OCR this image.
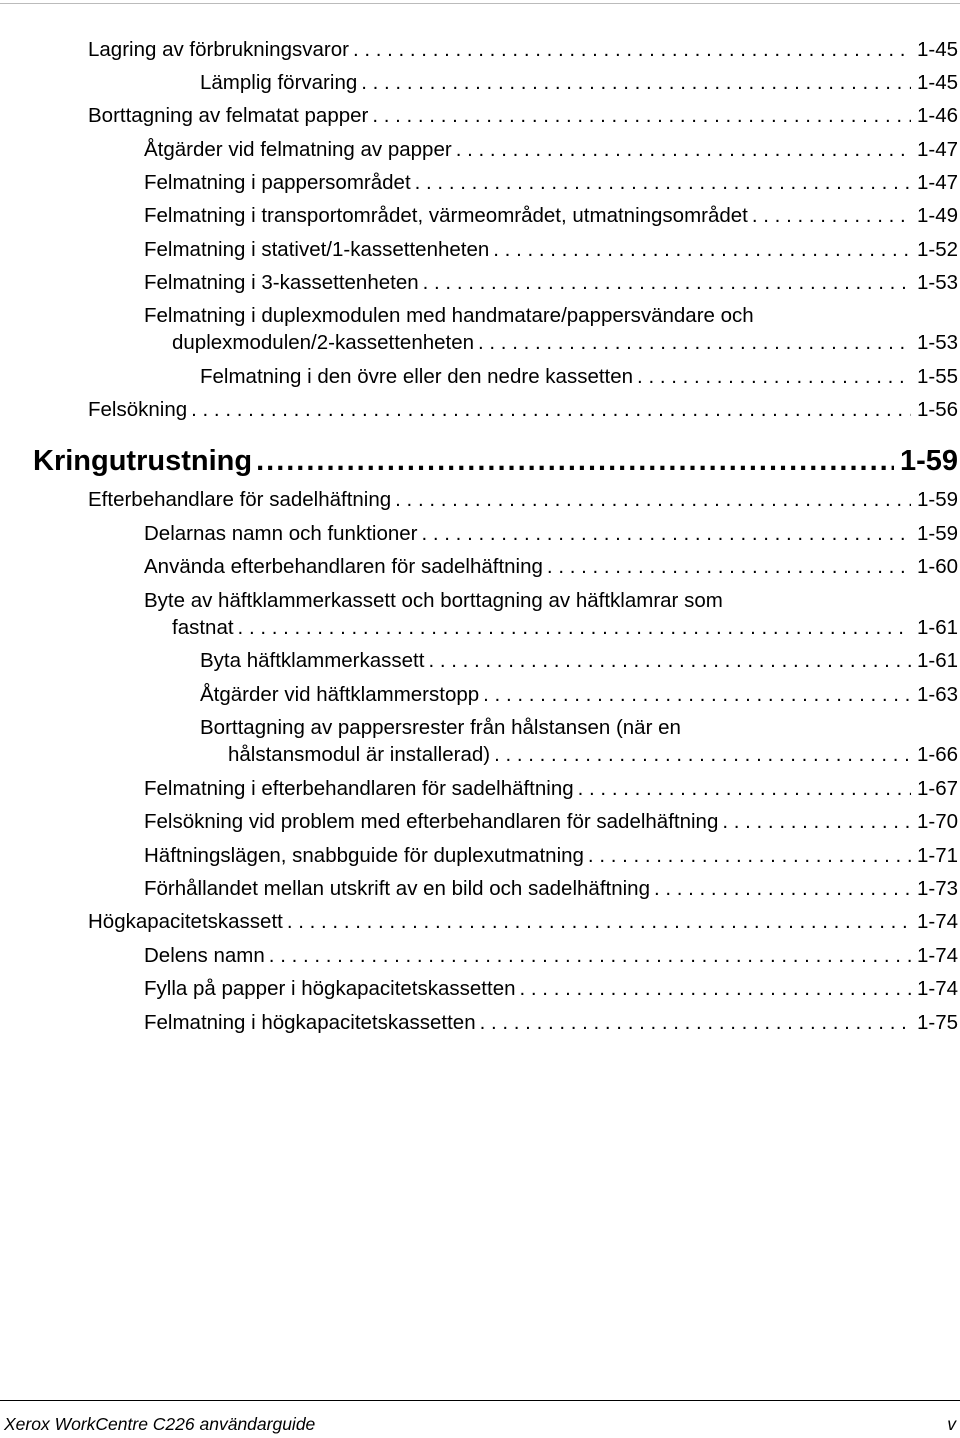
Lagring av förbrukningsvaror . . .	1-45
Lämplig förvaring . . .	1-45
Borttagning av felmatat papper . . .	1-46
Åtgärder vid felmatning av papper . . .	1-47
Felmatning i pappersområdet . . .	1-47
Felmatning i transportområdet, värmeområdet, utmatningsområdet . . .	1-49
Felmatning i stativet/1-kassettenheten . . .	1-52
Felmatning i 3-kassettenheten . . .	1-53
Felmatning i duplexmodulen med handmatare/pappersvändare och
duplexmodulen/2-kassettenheten . . .	1-53
Felmatning i den övre eller den nedre kassetten . . .	1-55
Felsökning . . .	1-56
Kringutrustning .....	1-59
Efterbehandlare för sadelhäftning . . .	1-59
Delarnas namn och funktioner . . .	1-59
Använda efterbehandlaren för sadelhäftning . . .	1-60
Byte av häftklammerkassett och borttagning av häftklamrar som
fastnat . . .	1-61
Byta häftklammerkassett . . .	1-61
Åtgärder vid häftklammerstopp . . .	1-63
Borttagning av pappersrester från hålstansen (när en
hålstansmodul är installerad) . . .	1-66
Felmatning i efterbehandlaren för sadelhäftning . . .	1-67
Felsökning vid problem med efterbehandlaren för sadelhäftning . . .	1-70
Häftningslägen, snabbguide för duplexutmatning . . .	1-71
Förhållandet mellan utskrift av en bild och sadelhäftning . . .	1-73
Högkapacitetskassett . . .	1-74
Delens namn . . .	1-74
Fylla på papper i högkapacitetskassetten . . .	1-74
Felmatning i högkapacitetskassetten . . .	1-75
Xerox WorkCentre C226 användarguide	v
